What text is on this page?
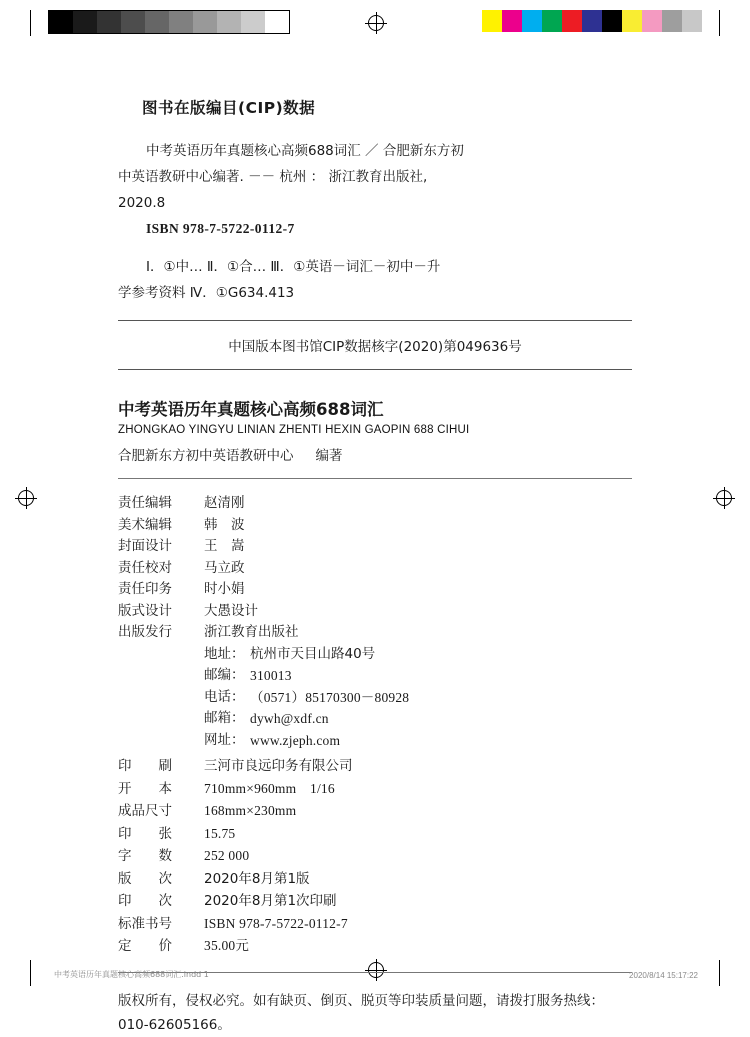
图书在版编目(CIP)数据
中考英语历年真题核心高频688词汇 ／ 合肥新东方初
中英语教研中心编著. －－ 杭州 ： 浙江教育出版社,
2020.8
ISBN 978-7-5722-0112-7
Ⅰ．①中… Ⅱ．①合… Ⅲ．①英语－词汇－初中－升
学参考资料 Ⅳ．①G634.413
中国版本图书馆CIP数据核字(2020)第049636号
中考英语历年真题核心高频688词汇
ZHONGKAO YINGYU LINIAN ZHENTI HEXIN GAOPIN 688 CIHUI
合肥新东方初中英语教研中心 编著
责任编辑	赵清刚
美术编辑	韩　波
封面设计	王　嵩
责任校对	马立政
责任印务	时小娟
版式设计	大愚设计
出版发行	浙江教育出版社
地址： 杭州市天目山路40号
邮编： 310013
电话： （0571）85170300－80928
邮箱： dywh@xdf.cn
网址： www.zjeph.com
印　　刷	三河市良远印务有限公司
开　　本	710mm×960mm　1/16
成品尺寸	168mm×230mm
印　　张	15.75
字　　数	252 000
版　　次	2020年8月第1版
印　　次	2020年8月第1次印刷
标准书号	ISBN 978-7-5722-0112-7
定　　价	35.00元
版权所有，侵权必究。如有缺页、倒页、脱页等印装质量问题，请拨打服务热线：
010-62605166。
中考英语历年真题核心高频688词汇.indd 1	2020/8/14 15:17:22
